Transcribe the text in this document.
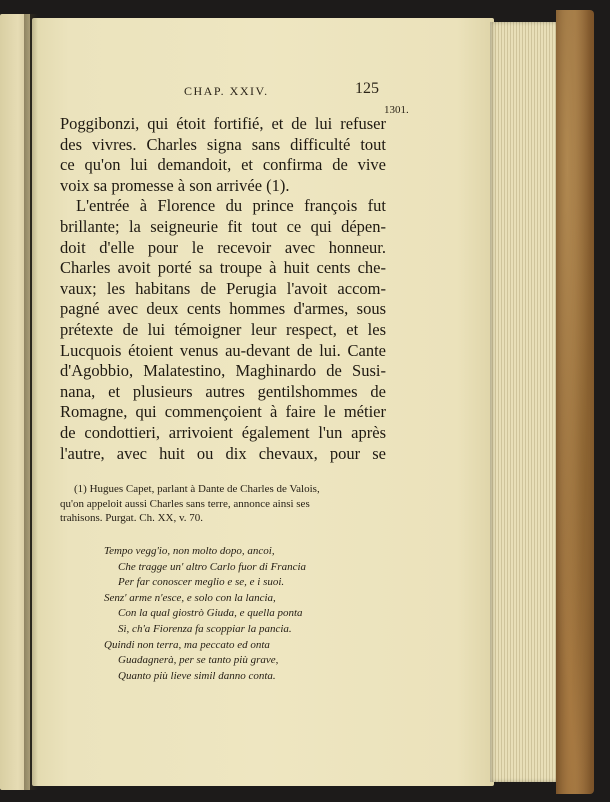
CHAP. XXIV.	125
Poggibonzi, qui étoit fortifié, et de lui refuser
des vivres. Charles signa sans difficulté tout
ce qu'on lui demandoit, et confirma de vive
voix sa promesse à son arrivée (1).
L'entrée à Florence du prince françois fut
brillante; la seigneurie fit tout ce qui dépen-
doit d'elle pour le recevoir avec honneur.
Charles avoit porté sa troupe à huit cents che-
vaux; les habitans de Perugia l'avoit accom-
pagné avec deux cents hommes d'armes, sous
prétexte de lui témoigner leur respect, et les
Lucquois étoient venus au-devant de lui. Cante
d'Agobbio, Malatestino, Maghinardo de Susi-
nana, et plusieurs autres gentilshommes de
Romagne, qui commençoient à faire le métier
de condottieri, arrivoient également l'un après
l'autre, avec huit ou dix chevaux, pour se
(1) Hugues Capet, parlant à Dante de Charles de Valois,
qu'on appeloit aussi Charles sans terre, annonce ainsi ses
trahisons. Purgat. Ch. XX, v. 70.
Tempo vegg'io, non molto dopo, ancoi,
Che tragge un' altro Carlo fuor di Francia
Per far conoscer meglio e se, e i suoi.
Senz' arme n'esce, e solo con la lancia,
Con la qual giostrò Giuda, e quella ponta
Sì, ch'a Fiorenza fa scoppiar la pancia.
Quindi non terra, ma peccato ed onta
Guadagnerà, per se tanto più grave,
Quanto più lieve simil danno conta.
1301.
